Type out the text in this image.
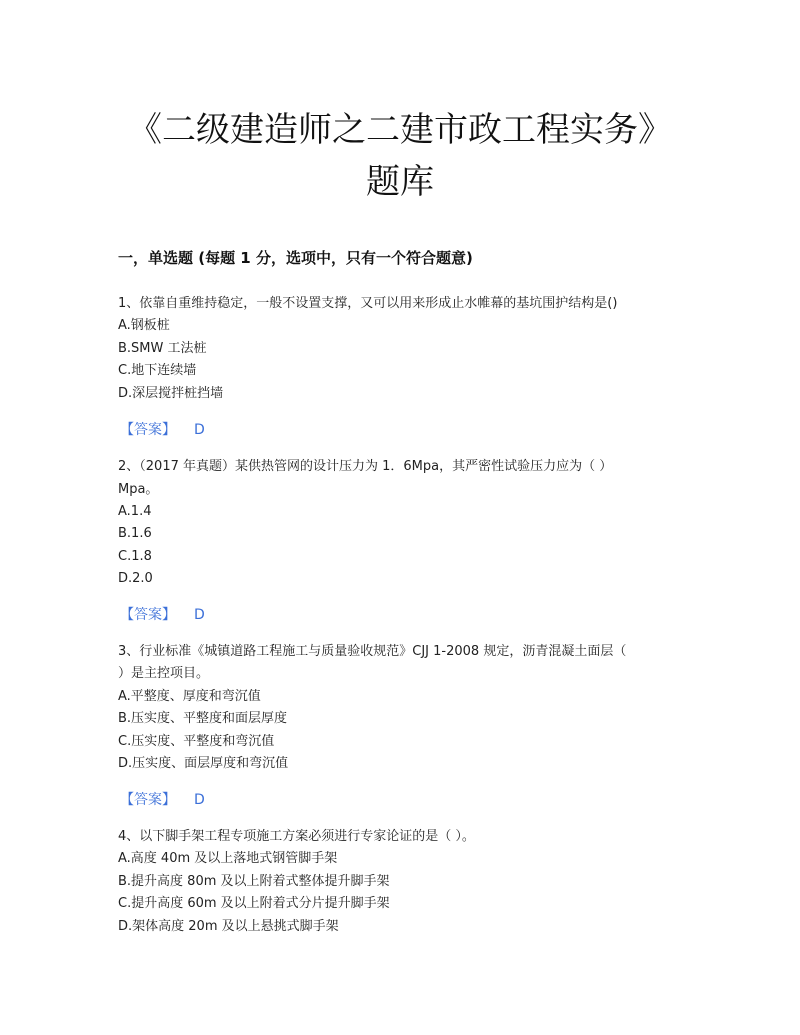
《二级建造师之二建市政工程实务》
题库
一，单选题 (每题 1 分，选项中，只有一个符合题意)
1、依靠自重维持稳定，一般不设置支撑，又可以用来形成止水帷幕的基坑围护结构是()
A.钢板桩
B.SMW 工法桩
C.地下连续墙
D.深层搅拌桩挡墙
【答案】 D
2、（2017 年真题）某供热管网的设计压力为 1．6Mpa，其严密性试验压力应为（ ）
Mpa。
A.1.4
B.1.6
C.1.8
D.2.0
【答案】 D
3、行业标准《城镇道路工程施工与质量验收规范》CJJ 1-2008 规定，沥青混凝土面层（
）是主控项目。
A.平整度、厚度和弯沉值
B.压实度、平整度和面层厚度
C.压实度、平整度和弯沉值
D.压实度、面层厚度和弯沉值
【答案】 D
4、以下脚手架工程专项施工方案必须进行专家论证的是（ ）。
A.高度 40m 及以上落地式钢管脚手架
B.提升高度 80m 及以上附着式整体提升脚手架
C.提升高度 60m 及以上附着式分片提升脚手架
D.架体高度 20m 及以上悬挑式脚手架
